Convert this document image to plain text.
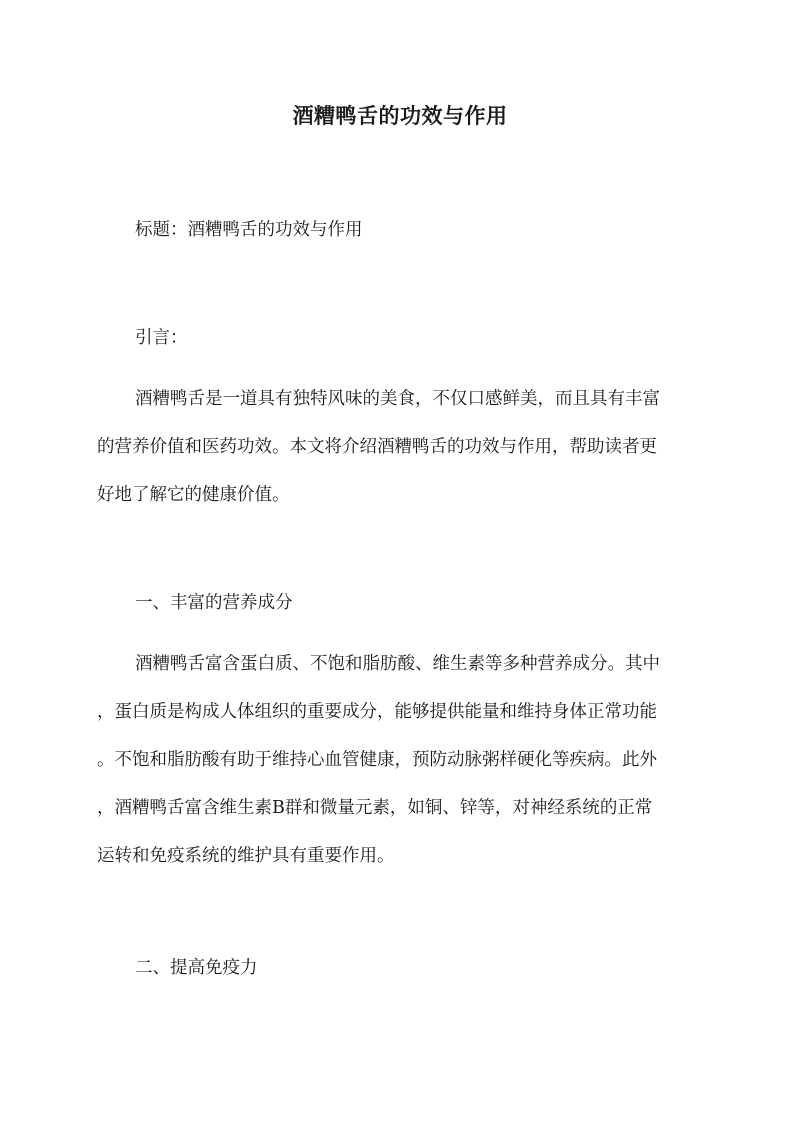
酒糟鸭舌的功效与作用

标题：酒糟鸭舌的功效与作用

引言：

酒糟鸭舌是一道具有独特风味的美食，不仅口感鲜美，而且具有丰富

的营养价值和医药功效。本文将介绍酒糟鸭舌的功效与作用，帮助读者更

好地了解它的健康价值。

一、丰富的营养成分

酒糟鸭舌富含蛋白质、不饱和脂肪酸、维生素等多种营养成分。其中

，蛋白质是构成人体组织的重要成分，能够提供能量和维持身体正常功能

。不饱和脂肪酸有助于维持心血管健康，预防动脉粥样硬化等疾病。此外

，酒糟鸭舌富含维生素B群和微量元素，如铜、锌等，对神经系统的正常

运转和免疫系统的维护具有重要作用。

二、提高免疫力
